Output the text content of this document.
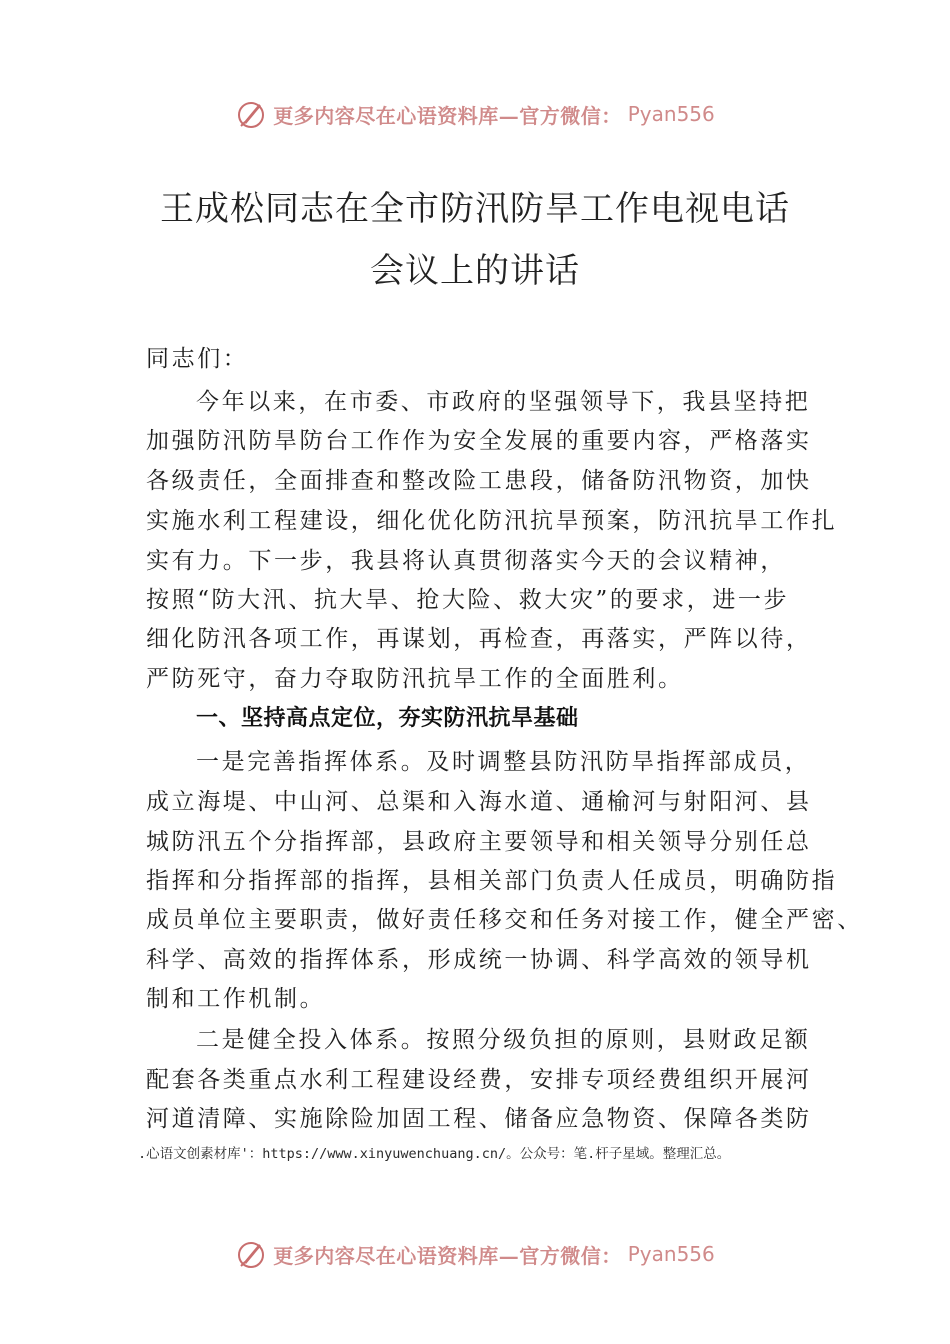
更多内容尽在心语资料库—官方微信： Pyan556
王成松同志在全市防汛防旱工作电视电话
会议上的讲话
同志们：
今年以来，在市委、市政府的坚强领导下，我县坚持把
加强防汛防旱防台工作作为安全发展的重要内容，严格落实
各级责任，全面排查和整改险工患段，储备防汛物资，加快
实施水利工程建设，细化优化防汛抗旱预案，防汛抗旱工作扎
实有力。下一步，我县将认真贯彻落实今天的会议精神，
按照“防大汛、抗大旱、抢大险、救大灾”的要求，进一步
细化防汛各项工作，再谋划，再检查，再落实，严阵以待，
严防死守，奋力夺取防汛抗旱工作的全面胜利。
一、坚持高点定位，夯实防汛抗旱基础
一是完善指挥体系。及时调整县防汛防旱指挥部成员，
成立海堤、中山河、总渠和入海水道、通榆河与射阳河、县
城防汛五个分指挥部，县政府主要领导和相关领导分别任总
指挥和分指挥部的指挥，县相关部门负责人任成员，明确防指
成员单位主要职责，做好责任移交和任务对接工作，健全严密、
科学、高效的指挥体系，形成统一协调、科学高效的领导机
制和工作机制。
二是健全投入体系。按照分级负担的原则，县财政足额
配套各类重点水利工程建设经费，安排专项经费组织开展河
河道清障、实施除险加固工程、储备应急物资、保障各类防
.心语文创素材库'：https://www.xinyuwenchuang.cn/。公众号：笔.杆子星域。整理汇总。
更多内容尽在心语资料库—官方微信： Pyan556
